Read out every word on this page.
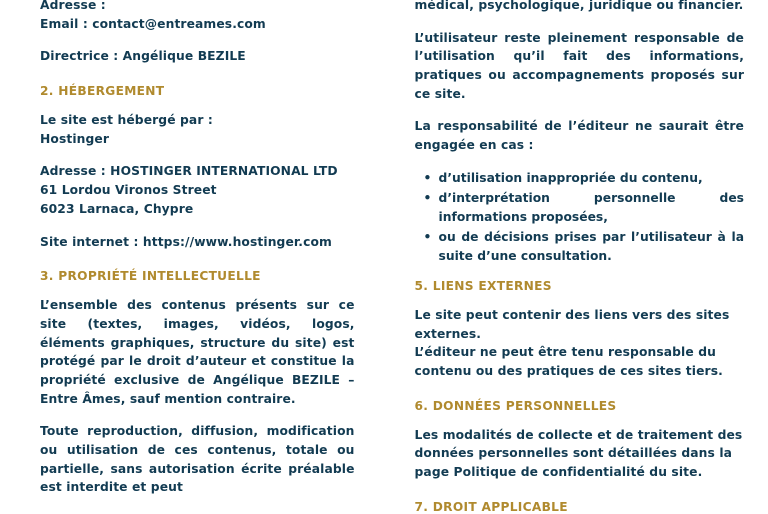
Adresse :
Email : contact@entreames.com

Directrice : Angélique BEZILE

2. HÉBERGEMENT

Le site est hébergé par :
Hostinger

Adresse : HOSTINGER INTERNATIONAL LTD
61 Lordou Vironos Street
6023 Larnaca, Chypre

Site internet : https://www.hostinger.com

3. PROPRIÉTÉ INTELLECTUELLE

L’ensemble des contenus présents sur ce site (textes, images, vidéos, logos, éléments graphiques, structure du site) est protégé par le droit d’auteur et constitue la propriété exclusive de Angélique BEZILE – Entre Âmes, sauf mention contraire.

Toute reproduction, diffusion, modification ou utilisation de ces contenus, totale ou partielle, sans autorisation écrite préalable est interdite et peut

médical, psychologique, juridique ou financier.

L’utilisateur reste pleinement responsable de l’utilisation qu’il fait des informations, pratiques ou accompagnements proposés sur ce site.

La responsabilité de l’éditeur ne saurait être engagée en cas :

• d’utilisation inappropriée du contenu,
• d’interprétation personnelle des informations proposées,
• ou de décisions prises par l’utilisateur à la suite d’une consultation.
5. LIENS EXTERNES

Le site peut contenir des liens vers des sites externes.
L’éditeur ne peut être tenu responsable du contenu ou des pratiques de ces sites tiers.

6. DONNÉES PERSONNELLES

Les modalités de collecte et de traitement des données personnelles sont détaillées dans la page Politique de confidentialité du site.

7. DROIT APPLICABLE
